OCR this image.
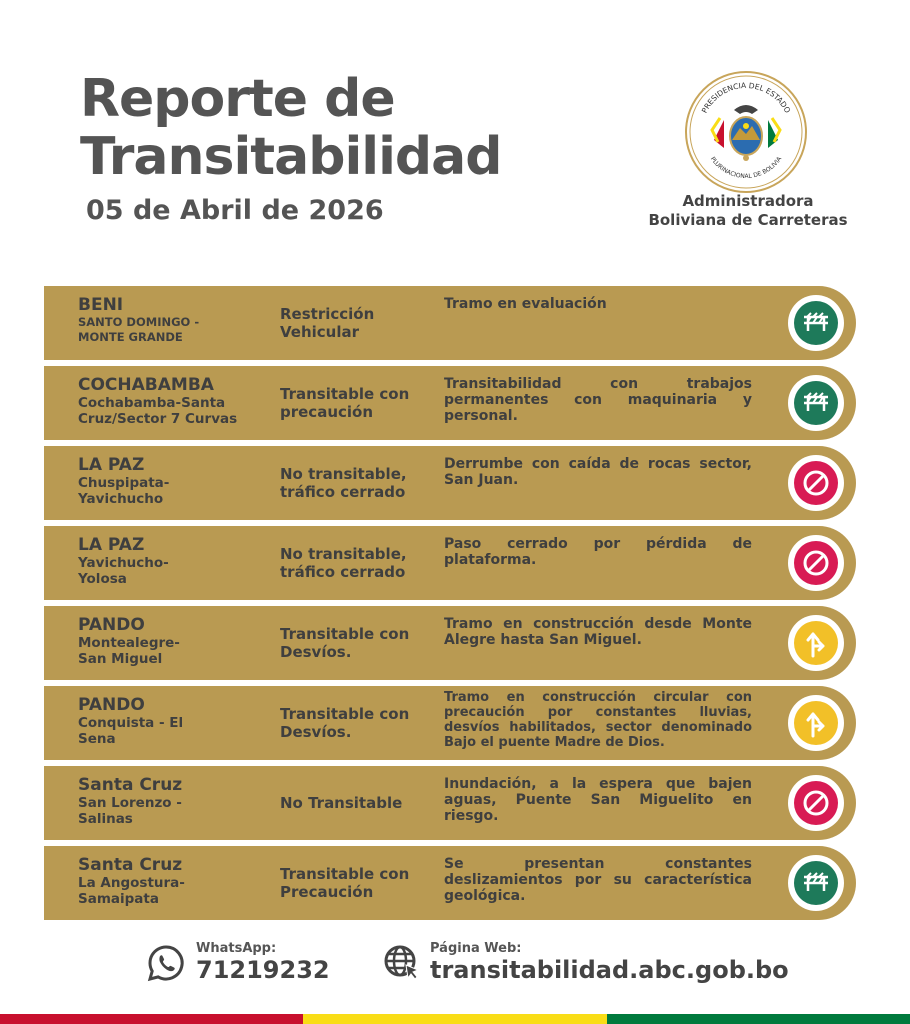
Reporte de
Transitabilidad
05 de Abril de 2026
PRESIDENCIA DEL ESTADO
PLURINACIONAL DE BOLIVIA
Administradora
Boliviana de Carreteras
BENI
SANTO DOMINGO - MONTE GRANDE
Restricción Vehicular
Tramo en evaluación
COCHABAMBA
Cochabamba-Santa Cruz/Sector 7 Curvas
Transitable con precaución
Transitabilidad con trabajos permanentes con maquinaria y personal.
LA PAZ
Chuspipata-Yavichucho
No transitable, tráfico cerrado
Derrumbe con caída de rocas sector, San Juan.
LA PAZ
Yavichucho-Yolosa
No transitable, tráfico cerrado
Paso cerrado por pérdida de plataforma.
PANDO
Montealegre-San Miguel
Transitable con Desvíos.
Tramo en construcción desde Monte Alegre hasta San Miguel.
PANDO
Conquista - El Sena
Transitable con Desvíos.
Tramo en construcción circular con precaución por constantes lluvias, desvíos habilitados, sector denominado Bajo el puente Madre de Dios.
Santa Cruz
San Lorenzo - Salinas
No Transitable
Inundación, a la espera que bajen aguas, Puente San Miguelito en riesgo.
Santa Cruz
La Angostura-Samaipata
Transitable con Precaución
Se presentan constantes deslizamientos por su característica geológica.
WhatsApp:
71219232
Página Web:
transitabilidad.abc.gob.bo
